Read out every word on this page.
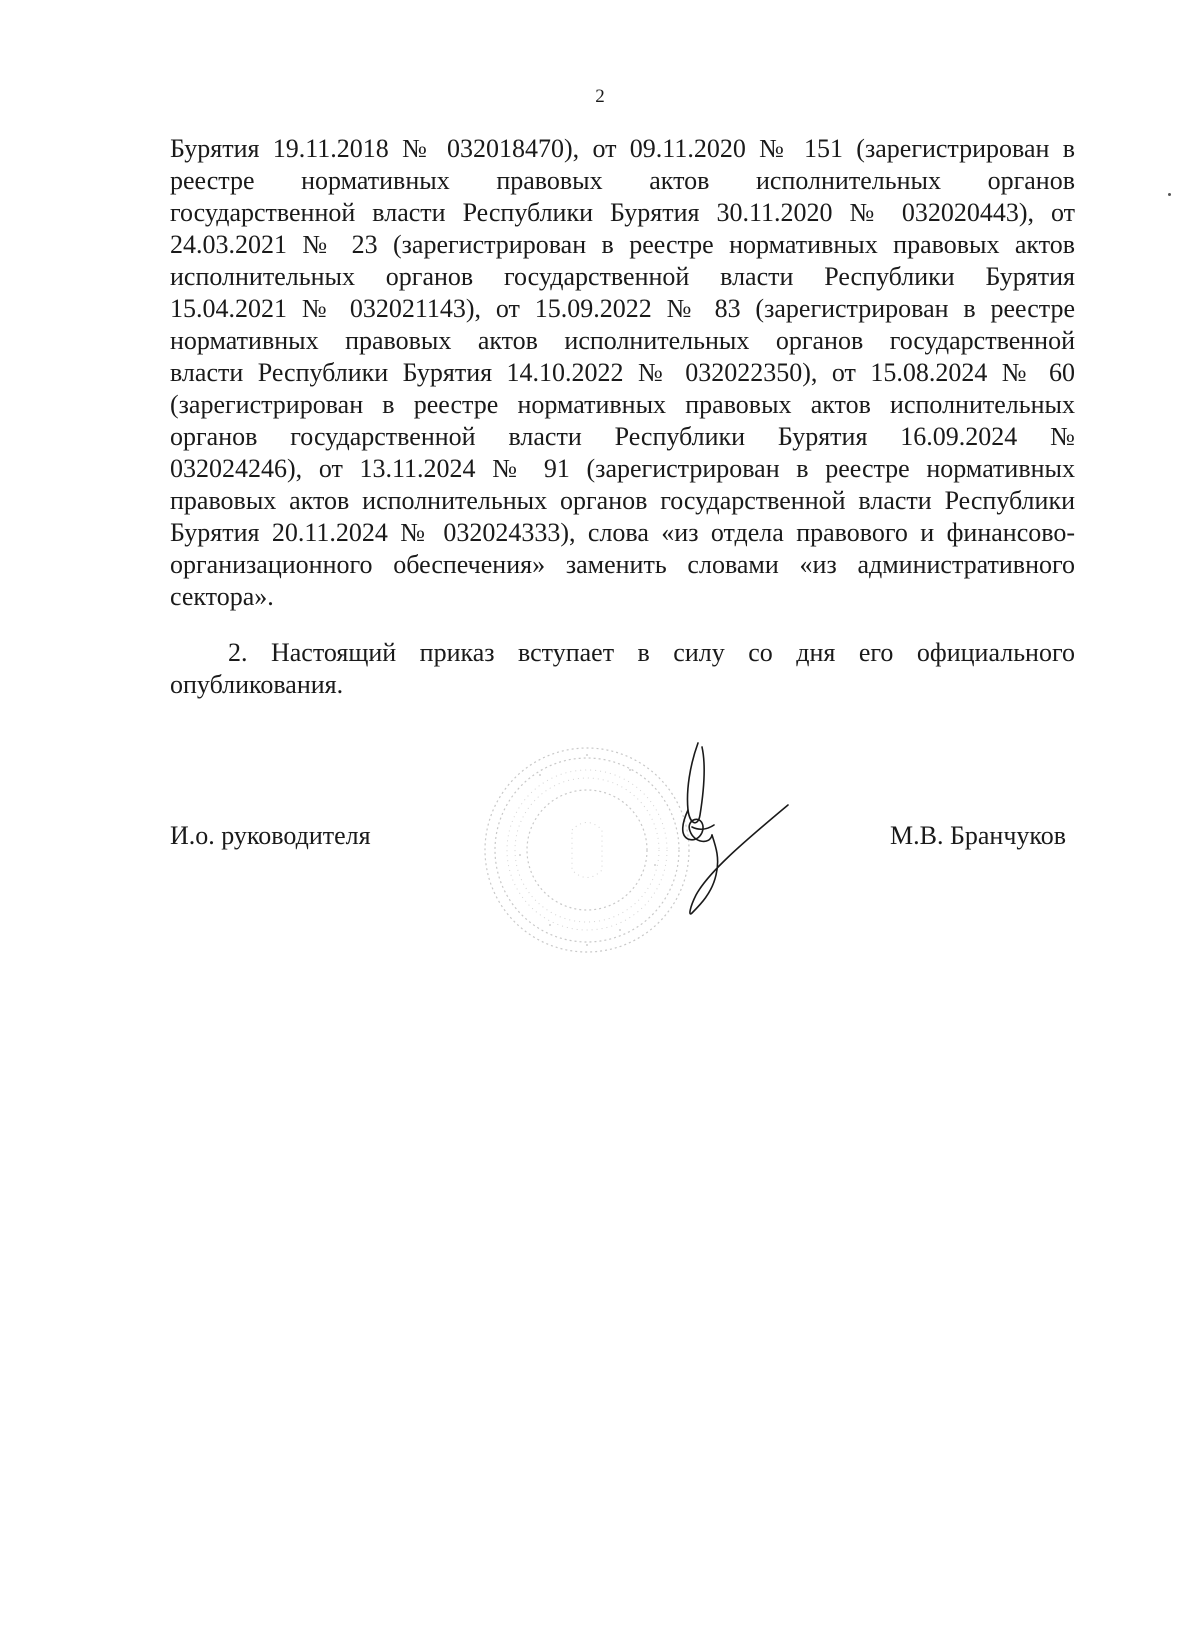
2
Бурятия 19.11.2018 № 032018470), от 09.11.2020 № 151 (зарегистрирован в
реестре нормативных правовых актов исполнительных органов
государственной власти Республики Бурятия 30.11.2020 № 032020443), от
24.03.2021 № 23 (зарегистрирован в реестре нормативных правовых актов
исполнительных органов государственной власти Республики Бурятия
15.04.2021 № 032021143), от 15.09.2022 № 83 (зарегистрирован в реестре
нормативных правовых актов исполнительных органов государственной
власти Республики Бурятия 14.10.2022 № 032022350), от 15.08.2024 № 60
(зарегистрирован в реестре нормативных правовых актов исполнительных
органов государственной власти Республики Бурятия 16.09.2024 №
032024246), от 13.11.2024 № 91 (зарегистрирован в реестре нормативных
правовых актов исполнительных органов государственной власти Республики
Бурятия 20.11.2024 № 032024333), слова «из отдела правового и финансово-
организационного обеспечения» заменить словами «из административного
сектора».
2. Настоящий приказ вступает в силу со дня его официального
опубликования.
И.о. руководителя	М.В. Бранчуков
